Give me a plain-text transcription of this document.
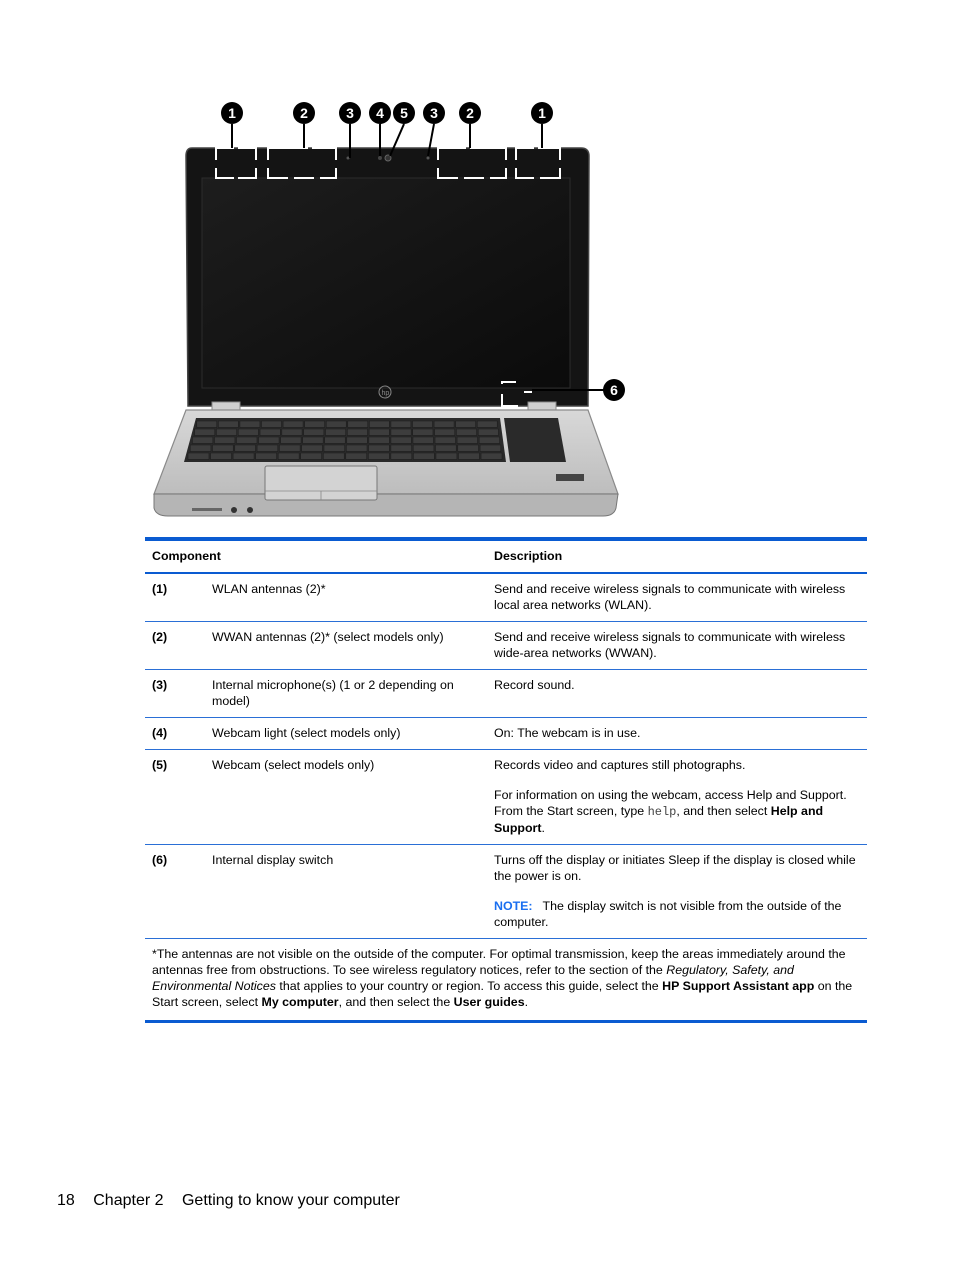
hp
1	2	3 4 5 3 2	1
6
Component		Description
(1)	WLAN antennas (2)*	Send and receive wireless signals to communicate with wireless local area networks (WLAN).

(2)	WWAN antennas (2)* (select models only)	Send and receive wireless signals to communicate with wireless wide-area networks (WWAN).

(3)	Internal microphone(s) (1 or 2 depending on model)	Record sound.

(4)	Webcam light (select models only)	On: The webcam is in use.

(5)	Webcam (select models only)	Records video and captures still photographs.

For information on using the webcam, access Help and Support. From the Start screen, type help, and then select Help and Support.

(6)	Internal display switch	Turns off the display or initiates Sleep if the display is closed while the power is on.

NOTE: The display switch is not visible from the outside of the computer.

*The antennas are not visible on the outside of the computer. For optimal transmission, keep the areas immediately around the antennas free from obstructions. To see wireless regulatory notices, refer to the section of the Regulatory, Safety, and Environmental Notices that applies to your country or region. To access this guide, select the HP Support Assistant app on the Start screen, select My computer, and then select the User guides.		
18 Chapter 2 Getting to know your computer
